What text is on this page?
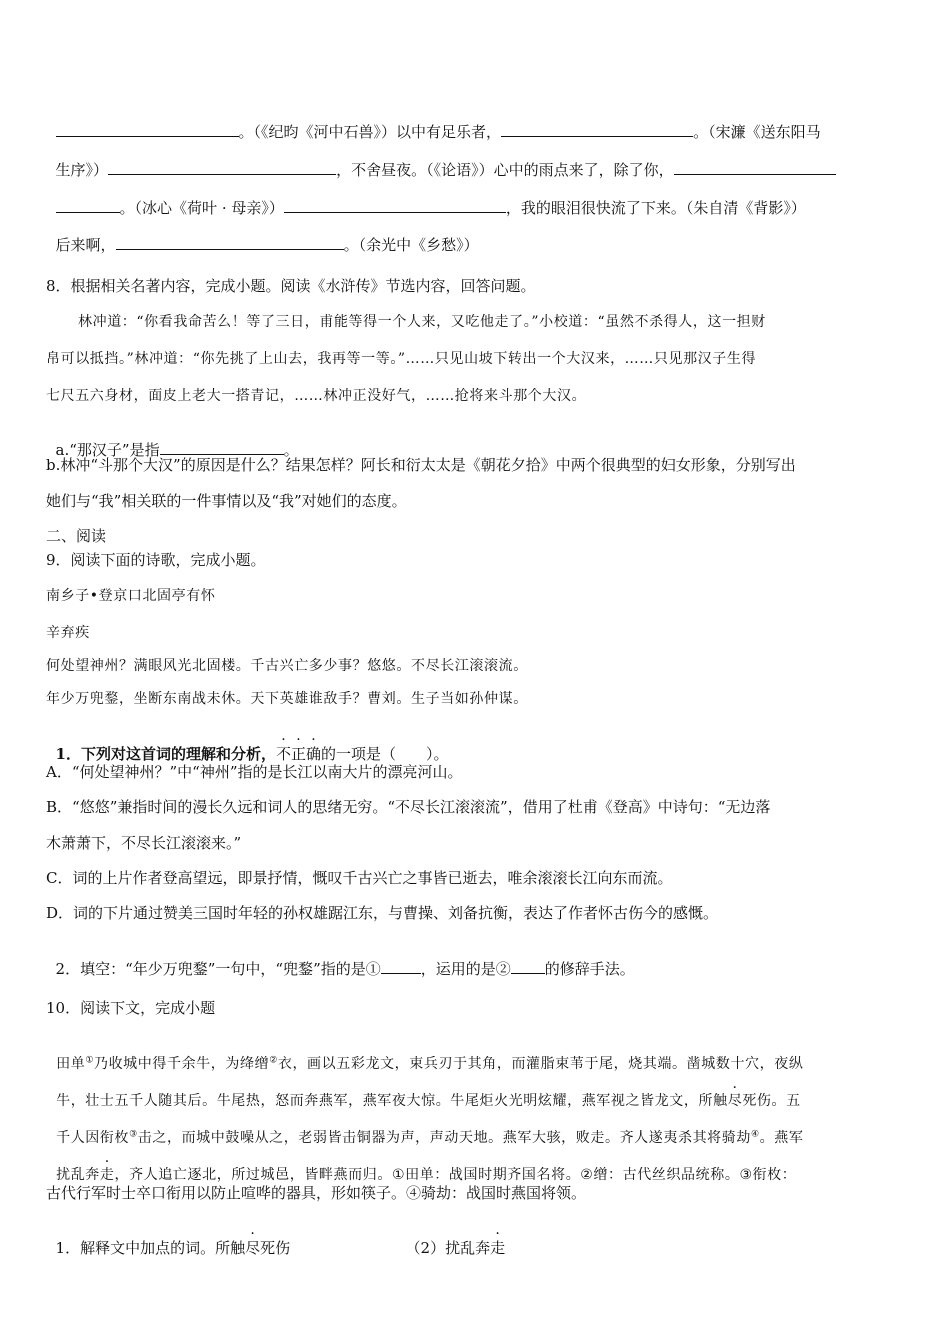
。（《纪昀《河中石兽》）以中有足乐者，	。（宋濂《送东阳马

生序》）	，不舍昼夜。（《论语》）心中的雨点来了，除了你，

。（冰心《荷叶 · 母亲》）	，我的眼泪很快流了下来。（朱自清《背影》）

后来啊，	。（余光中《乡愁》）

8．根据相关名著内容，完成小题。阅读《水浒传》节选内容，回答问题。
林冲道：“你看我命苦么！等了三日，甫能等得一个人来，又吃他走了。”小校道：“虽然不杀得人，这一担财
帛可以抵挡。”林冲道：“你先挑了上山去，我再等一等。”……只见山坡下转出一个大汉来，……只见那汉子生得
七尺五六身材，面皮上老大一搭青记，……林冲正没好气，……抢将来斗那个大汉。

a.“那汉子”是指	。

b.林冲“斗那个大汉”的原因是什么？结果怎样？阿长和衍太太是《朝花夕拾》中两个很典型的妇女形象，分别写出
她们与“我”相关联的一件事情以及“我”对她们的态度。
二、阅读
9．阅读下面的诗歌，完成小题。
南乡子•登京口北固亭有怀
辛弃疾
何处望神州？满眼风光北固楼。千古兴亡多少事？悠悠。不尽长江滚滚流。
年少万兜鍪，坐断东南战未休。天下英雄谁敌手？曹刘。生子当如孙仲谋。

1．下列对这首词的理解和分析，不正确的一项是（　　）。

A．“何处望神州？”中“神州”指的是长江以南大片的漂亮河山。
B．“悠悠”兼指时间的漫长久远和词人的思绪无穷。“不尽长江滚滚流”，借用了杜甫《登高》中诗句：“无边落
木萧萧下，不尽长江滚滚来。”
C．词的上片作者登高望远，即景抒情，慨叹千古兴亡之事皆已逝去，唯余滚滚长江向东而流。
D．词的下片通过赞美三国时年轻的孙权雄踞江东，与曹操、刘备抗衡，表达了作者怀古伤今的感慨。

2．填空：“年少万兜鍪”一句中，“兜鍪”指的是①	，运用的是② 的修辞手法。

10．阅读下文，完成小题

田单①乃收城中得千余牛，为绛缯②衣，画以五彩龙文，束兵刃于其角，而灌脂束苇于尾，烧其端。凿城数十穴，夜纵

牛，壮士五千人随其后。牛尾热，怒而奔燕军，燕军夜大惊。牛尾炬火光明炫耀，燕军视之皆龙文，所触尽死伤。五

千人因衔枚③击之，而城中鼓噪从之，老弱皆击铜器为声，声动天地。燕军大骇，败走。齐人遂夷杀其将骑劫④。燕军

扰乱奔走，齐人追亡逐北，所过城邑，皆畔燕而归。①田单：战国时期齐国名将。②缯：古代丝织品统称。③衔枚：

古代行军时士卒口衔用以防止喧哗的器具，形如筷子。④骑劫：战国时燕国将领。

1．解释文中加点的词。所触尽死伤	（2）扰乱奔走
